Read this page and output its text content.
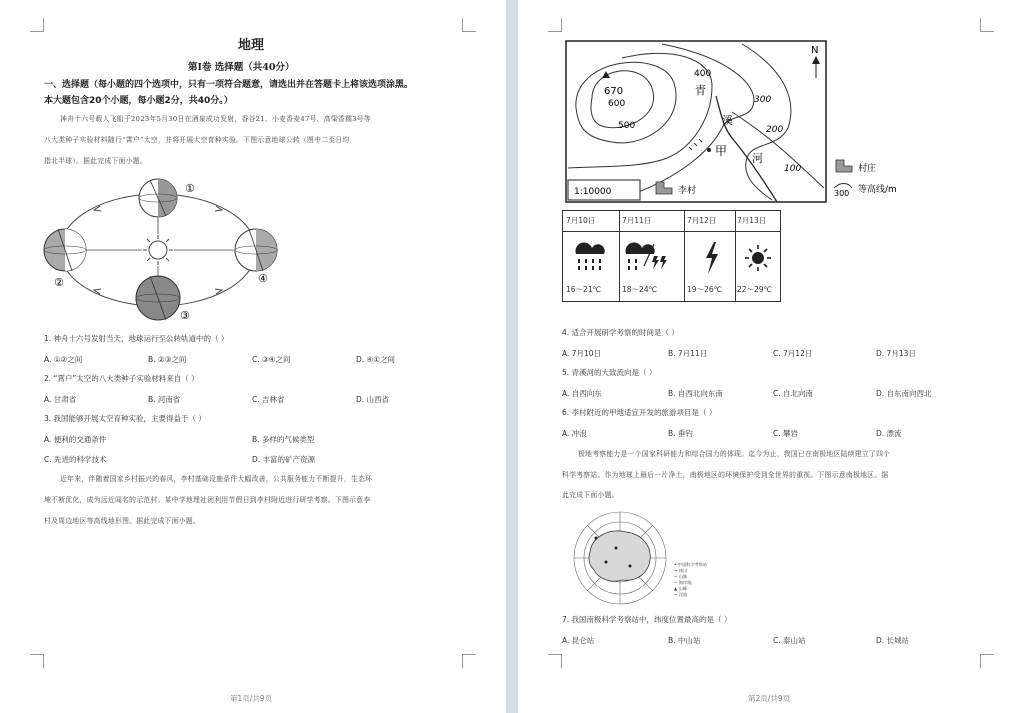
地理
第Ⅰ卷 选择题（共40分）
一、选择题（每小题的四个选项中，只有一项符合题意，请选出并在答题卡上将该选项涂黑。
本大题包含20个小题，每小题2分，共40分。）
神舟十六号载人飞船于2023年5月30日在酒泉成功发射，香谷21、小麦香麦47号、高梁香糯3号等
八大类种子实验材料随行“霄户”太空，并将开展太空育种实验。下图示意地球公转（图中二至日均
指北半球）。据此完成下面小题。
①
②
③
④
1. 神舟十六号发射当天，地球运行至公转轨道中的（ ）
A. ①②之间	B. ②③之间	C. ③④之间	D. ④①之间
2. “霄户”太空的八大类种子实验材料来自（ ）
A. 甘肃省	B. 河南省	C. 吉林省	D. 山西省
3. 我国能够开展太空育种实验，主要得益于（ ）
A. 便利的交通条件	B. 多样的气候类型
C. 先进的科学技术	D. 丰富的矿产资源
近年来，伴随着国家乡村振兴的春风，李村基础设施条件大幅改善，公共服务能力不断提升，生态环
境不断优化，成为远近闻名的示范村。某中学地理社团利用节假日到李村附近进行研学考察。下图示意李
村及周边地区等高线地形图。据此完成下面小题。
第1页/共9页
N
670
600
500
400
300
200
100
青
溪
河
甲
1:10000	李村
村庄
300 等高线/m
7月10日	7月11日	7月12日	7月13日
16～21℃	18～24℃	19～26℃ 22～29℃
4. 适合开展研学考察的时间是（ ）
A. 7月10日	B. 7月11日	C. 7月12日	D. 7月13日
5. 青溪河的大致流向是（ ）
A. 自西向东	B. 自西北向东南	C. 自北向南	D. 自东南向西北
6. 李村附近的甲地适宜开发的旅游项目是（ ）
A. 冲浪	B. 垂钓	C. 攀岩	D. 漂流
极地考察能力是一个国家科研能力和综合国力的体现。迄今为止，我国已在南极地区陆续建立了四个
科学考察站。作为地球上最后一片净土，南极地区的环境保护受到全世界的重视。下图示意南极地区。据
此完成下面小题。
• 中国科学考察站
→ 冰川
~ 山脉
~ 海岸线
▲ 山峰
~ 洋流
7. 我国南极科学考察站中，纬度位置最高的是（ ）
A. 昆仑站	B. 中山站	C. 泰山站	D. 长城站
第2页/共9页
